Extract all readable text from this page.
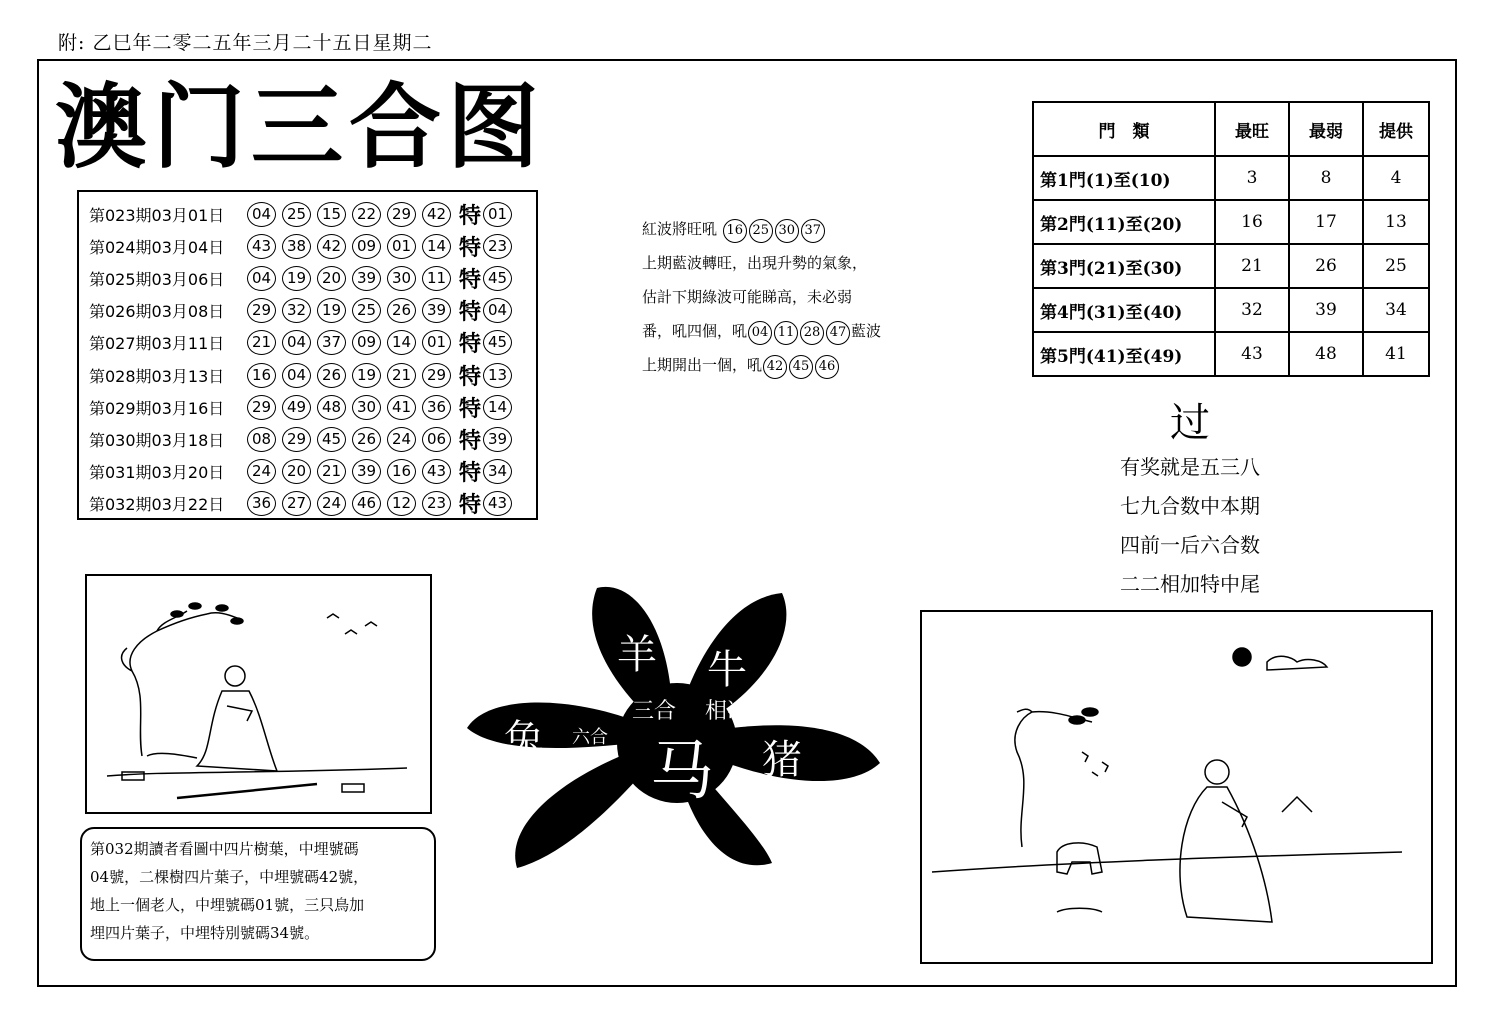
附: 乙巳年二零二五年三月二十五日星期二
澳门三合图
第023期03月01日	04	25	15	22	29	42 特 01
第024期03月04日	43	38	42	09	01	14 特 23
第025期03月06日	04	19	20	39	30	11 特 45
第026期03月08日	29	32	19	25	26	39 特 04
第027期03月11日	21	04	37	09	14	01 特 45
第028期03月13日	16	04	26	19	21	29 特 13
第029期03月16日	29	49	48	30	41	36 特 14
第030期03月18日	08	29	45	26	24	06 特 39
第031期03月20日	24	20	21	39	16	43 特 34
第032期03月22日	36	27	24	46	12	23 特 43
紅波將旺吼 16 25 30 37
上期藍波轉旺，出現升勢的氣象，
估計下期綠波可能睇高，未必弱
番，吼四個，吼 04 11 28 47 藍波
上期開出一個，吼 42 45 46
門　類	最旺	最弱	提供
第1門(1)至(10)	3	8	4
第2門(11)至(20)	16	17	13
第3門(21)至(30)	21	26	25
第4門(31)至(40)	32	39	34
第5門(41)至(49)	43	48	41
过
有奖就是五三八
七九合数中本期
四前一后六合数
二二相加特中尾
第032期讀者看圖中四片樹葉，中埋號碼
04號，二棵樹四片葉子，中埋號碼42號，
地上一個老人，中埋號碼01號，三只鳥加
埋四片葉子，中埋特別號碼34號。
羊 牛
三合 相冲
兔 六合 马 猪
